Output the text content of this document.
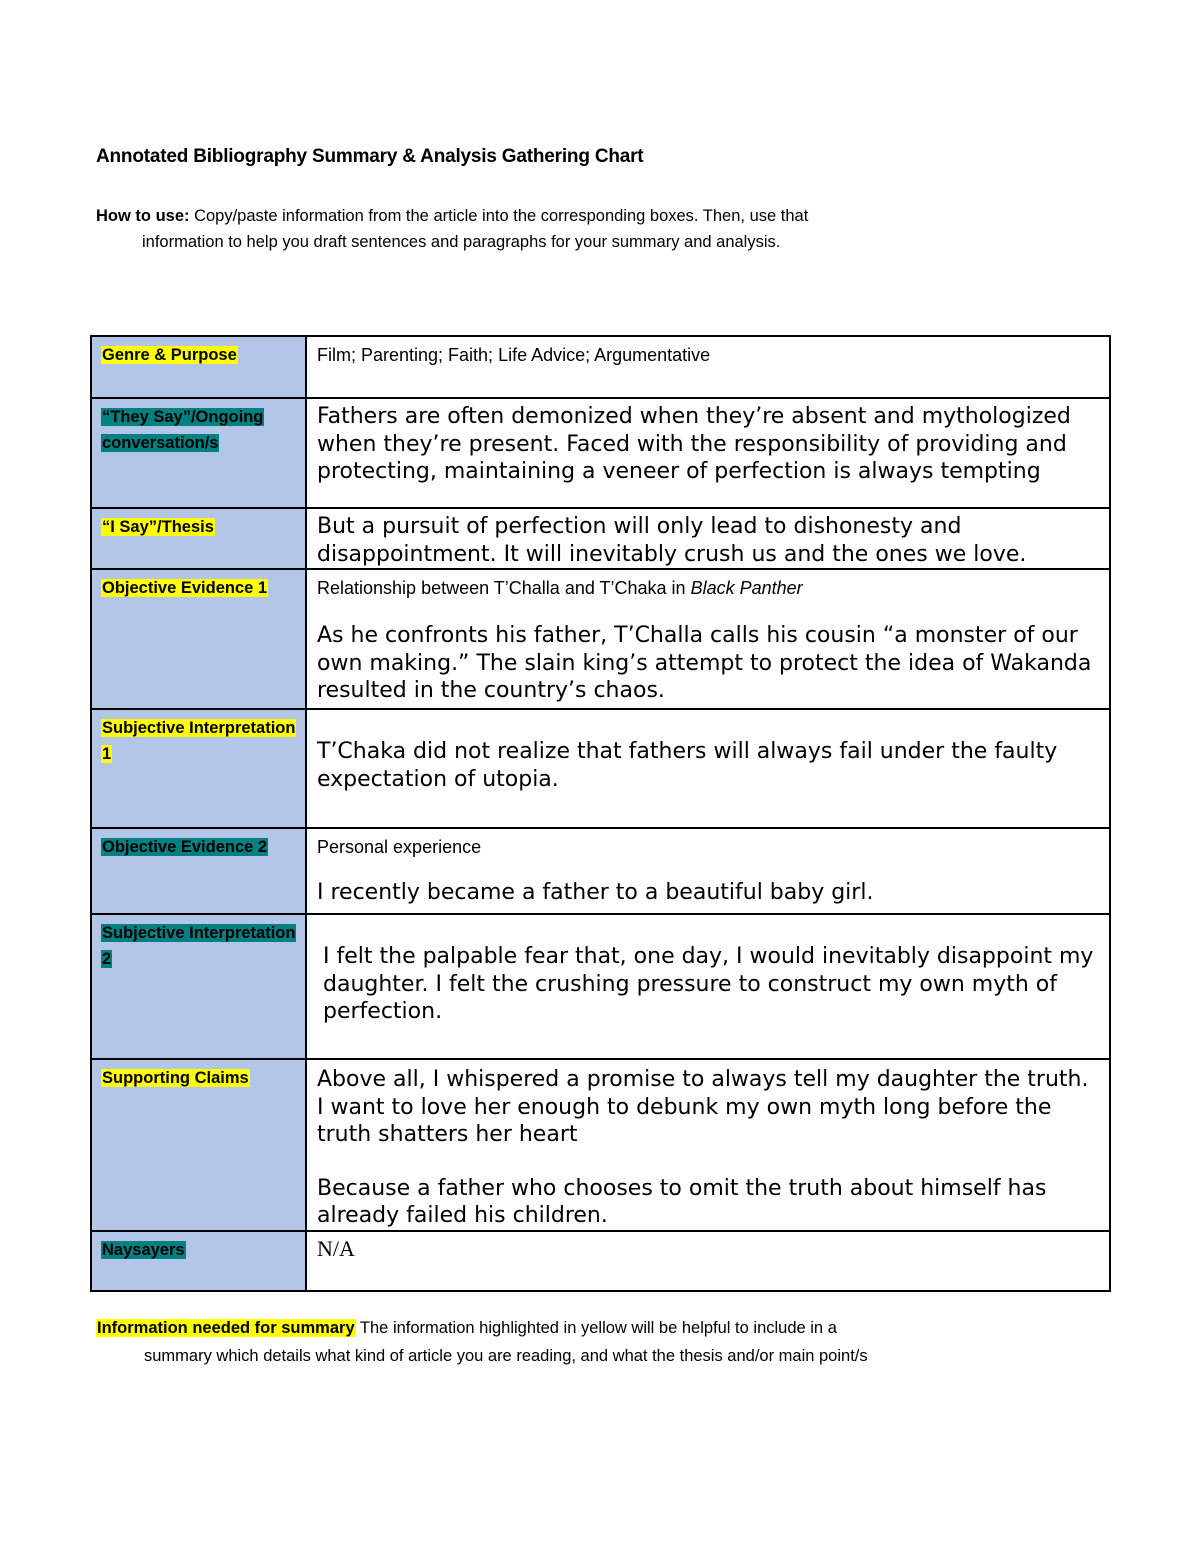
Annotated Bibliography Summary & Analysis Gathering Chart
How to use: Copy/paste information from the article into the corresponding boxes. Then, use that
information to help you draft sentences and paragraphs for your summary and analysis.
Genre & Purpose	Film; Parenting; Faith; Life Advice; Argumentative

“They Say”/Ongoing conversation/s	Fathers are often demonized when they’re absent and mythologized when they’re present. Faced with the responsibility of providing and protecting, maintaining a veneer of perfection is always tempting

“I Say”/Thesis	But a pursuit of perfection will only lead to dishonesty and disappointment. It will inevitably crush us and the ones we love.

Objective Evidence 1	Relationship between T’Challa and T’Chaka in Black Panther
As he confronts his father, T’Challa calls his cousin “a monster of our own making.” The slain king’s attempt to protect the idea of Wakanda resulted in the country’s chaos.

Subjective Interpretation 1	T’Chaka did not realize that fathers will always fail under the faulty expectation of utopia.

Objective Evidence 2	Personal experience
I recently became a father to a beautiful baby girl.

Subjective Interpretation 2	I felt the palpable fear that, one day, I would inevitably disappoint my daughter. I felt the crushing pressure to construct my own myth of perfection.

Supporting Claims	Above all, I whispered a promise to always tell my daughter the truth. I want to love her enough to debunk my own myth long before the truth shatters her heart
Because a father who chooses to omit the truth about himself has already failed his children.

Naysayers	N/A
Information needed for summary The information highlighted in yellow will be helpful to include in a
summary which details what kind of article you are reading, and what the thesis and/or main point/s
